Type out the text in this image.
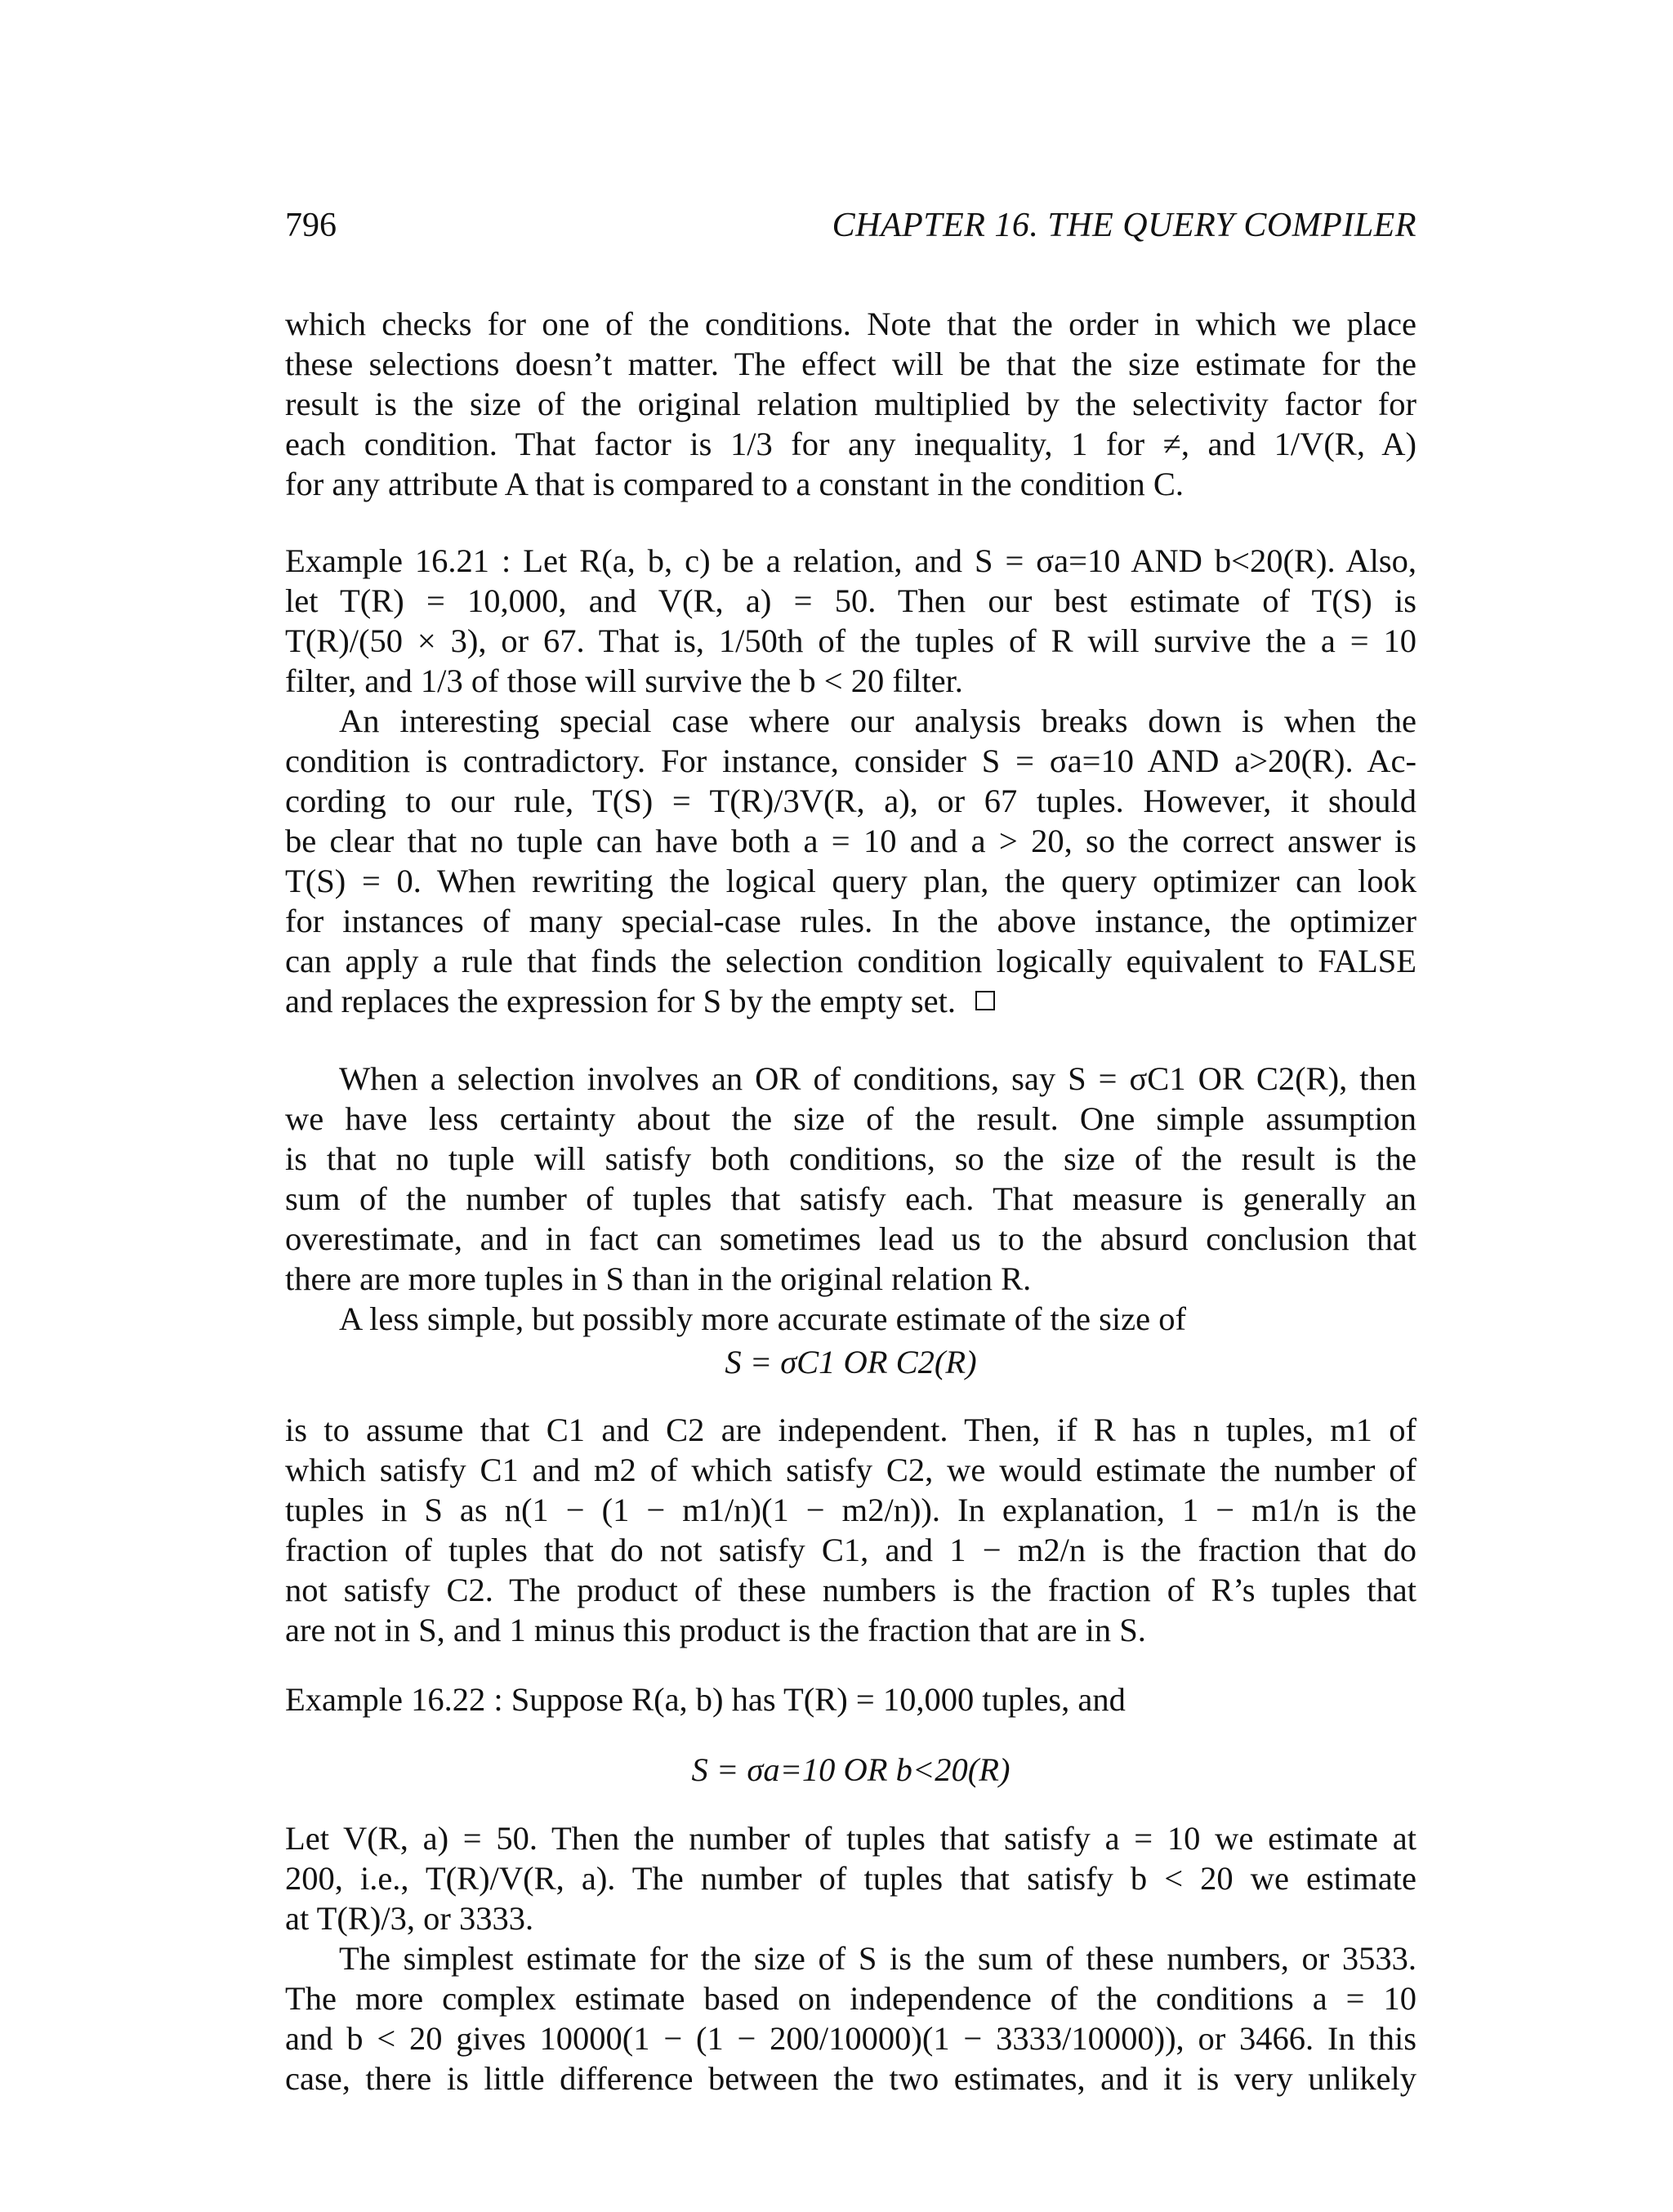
796	CHAPTER 16. THE QUERY COMPILER
which checks for one of the conditions. Note that the order in which we place
these selections doesn’t matter. The effect will be that the size estimate for the
result is the size of the original relation multiplied by the selectivity factor for
each condition. That factor is 1/3 for any inequality, 1 for ≠, and 1/V(R, A)
for any attribute A that is compared to a constant in the condition C.
Example 16.21 : Let R(a, b, c) be a relation, and S = σa=10 AND b<20(R). Also,
let T(R) = 10,000, and V(R, a) = 50. Then our best estimate of T(S) is
T(R)/(50 × 3), or 67. That is, 1/50th of the tuples of R will survive the a = 10
filter, and 1/3 of those will survive the b < 20 filter.
An interesting special case where our analysis breaks down is when the
condition is contradictory. For instance, consider S = σa=10 AND a>20(R). Ac-
cording to our rule, T(S) = T(R)/3V(R, a), or 67 tuples. However, it should
be clear that no tuple can have both a = 10 and a > 20, so the correct answer is
T(S) = 0. When rewriting the logical query plan, the query optimizer can look
for instances of many special-case rules. In the above instance, the optimizer
can apply a rule that finds the selection condition logically equivalent to FALSE
and replaces the expression for S by the empty set.
When a selection involves an OR of conditions, say S = σC1 OR C2(R), then
we have less certainty about the size of the result. One simple assumption
is that no tuple will satisfy both conditions, so the size of the result is the
sum of the number of tuples that satisfy each. That measure is generally an
overestimate, and in fact can sometimes lead us to the absurd conclusion that
there are more tuples in S than in the original relation R.
A less simple, but possibly more accurate estimate of the size of
S = σC1 OR C2(R)
is to assume that C1 and C2 are independent. Then, if R has n tuples, m1 of
which satisfy C1 and m2 of which satisfy C2, we would estimate the number of
tuples in S as n(1 − (1 − m1/n)(1 − m2/n)). In explanation, 1 − m1/n is the
fraction of tuples that do not satisfy C1, and 1 − m2/n is the fraction that do
not satisfy C2. The product of these numbers is the fraction of R’s tuples that
are not in S, and 1 minus this product is the fraction that are in S.
Example 16.22 : Suppose R(a, b) has T(R) = 10,000 tuples, and
S = σa=10 OR b<20(R)
Let V(R, a) = 50. Then the number of tuples that satisfy a = 10 we estimate at
200, i.e., T(R)/V(R, a). The number of tuples that satisfy b < 20 we estimate
at T(R)/3, or 3333.
The simplest estimate for the size of S is the sum of these numbers, or 3533.
The more complex estimate based on independence of the conditions a = 10
and b < 20 gives 10000(1 − (1 − 200/10000)(1 − 3333/10000)), or 3466. In this
case, there is little difference between the two estimates, and it is very unlikely
